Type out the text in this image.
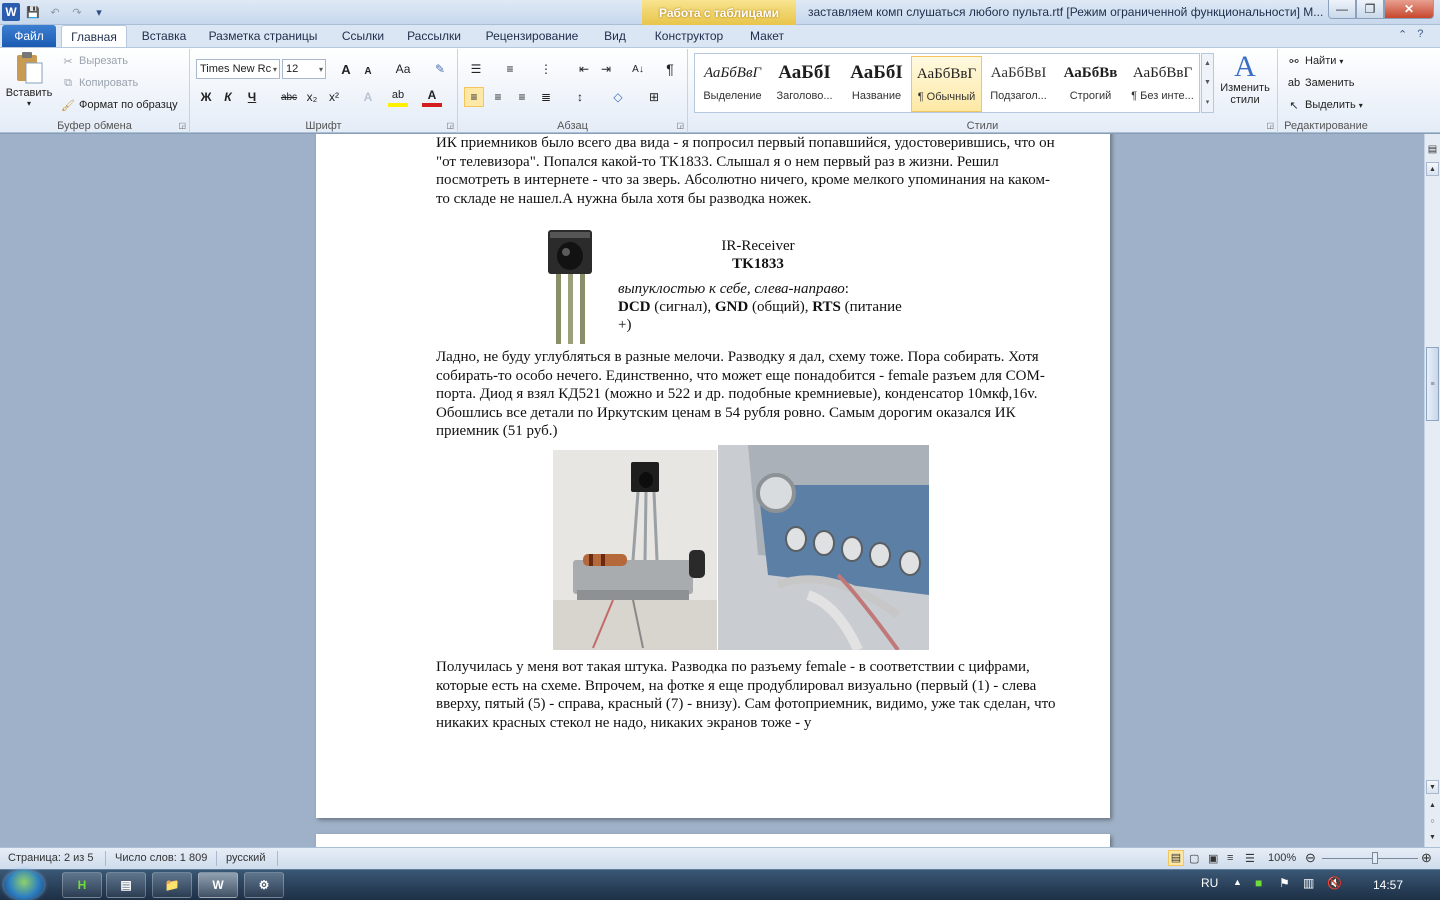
W 💾 ↶	↷	▾	Работа с таблицами	заставляем комп слушаться любого пульта.rtf [Режим ограниченной функциональности] M...	—	❐	✕
Файл	Главная	Вставка	Разметка страницы	Ссылки	Рассылки	Рецензирование	Вид	Конструктор	Макет	⌃ ?
Вставить
▾
✂ Вырезать
⧉ Копировать
🖌 Формат по образцу
Буфер обмена	◲
Times New Rc ▾ 12	▾	A	A	Аа	✎
Ж	К	Ч	abc x₂ x²	A	ab	A
Шрифт	◲
☰	≡	⋮	⇤ ⇥	A↓	¶
≡	≡	≡	≣	↕	◇	⊞
Абзац	◲	Стили	◲
АаБбВвГ
Выделение
АаБбI
Заголово...
АаБбI
Название
АаБбВвГ
¶ Обычный
АаБбВвI
Подзагол...
АаБбВв
Строгий
АаБбВвГ
¶ Без инте...
▲
▼
▾
A
Изменить стили
⚯ Найти ▾
ab Заменить
↖ Выделить ▾
Редактирование
ИК приемников было всего два вида - я попросил первый попавшийся, удостоверившись, что он "от телевизора". Попался какой-то ТК1833. Слышал я о нем первый раз в жизни. Решил посмотреть в интернете - что за зверь. Абсолютно ничего, кроме мелкого упоминания на каком-то складе не нашел.А нужна была хотя бы разводка ножек.
IR-Receiver
TK1833
выпуклостью к себе, слева-направо:
DCD (сигнал), GND (общий), RTS (питание +)
Ладно, не буду углубляться в разные мелочи. Разводку я дал, схему тоже. Пора собирать. Хотя собирать-то особо нечего. Единственно, что может еще понадобится - female разъем для COM-порта. Диод я взял КД521 (можно и 522 и др. подобные кремниевые), конденсатор 10мкф,16v. Обошлись все детали по Иркутским ценам в 54 рубля ровно. Самым дорогим оказался ИК приемник (51 руб.)
Получилась у меня вот такая штука. Разводка по разъему female - в соответствии с цифрами, которые есть на схеме. Впрочем, на фотке я еще продублировал визуально (первый (1) - слева вверху, пятый (5) - справа, красный (7) - внизу). Сам фотоприемник, видимо, уже так сделан, что никаких красных стекол не надо, никаких экранов тоже - у
▤
▲
≡
▼
▲
○
▼
Страница: 2 из 5 Число слов: 1 809 русский	▤ ▢ ▣ ≡ ☰ 100% ⊖	⊕
Н	▤	📁	W	⚙	RU ▲ ■ ⚑ ▥ 🔇	14:57
